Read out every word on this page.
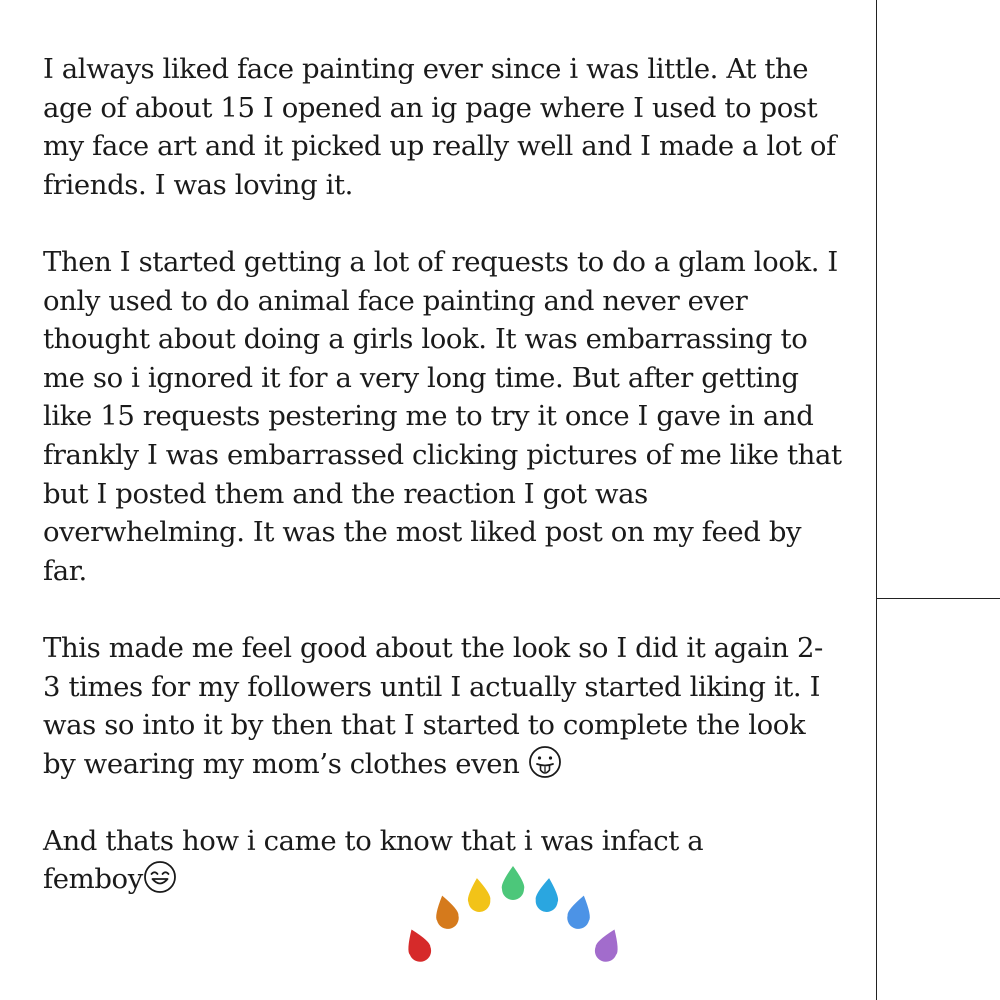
I always liked face painting ever since i was little. At the
age of about 15 I opened an ig page where I used to post
my face art and it picked up really well and I made a lot of
friends. I was loving it.

Then I started getting a lot of requests to do a glam look. I
only used to do animal face painting and never ever
thought about doing a girls look. It was embarrassing to
me so i ignored it for a very long time. But after getting
like 15 requests pestering me to try it once I gave in and
frankly I was embarrassed clicking pictures of me like that
but I posted them and the reaction I got was
overwhelming. It was the most liked post on my feed by
far.

This made me feel good about the look so I did it again 2-
3 times for my followers until I actually started liking it. I
was so into it by then that I started to complete the look
by wearing my mom’s clothes even

And thats how i came to know that i was infact a
femboy
